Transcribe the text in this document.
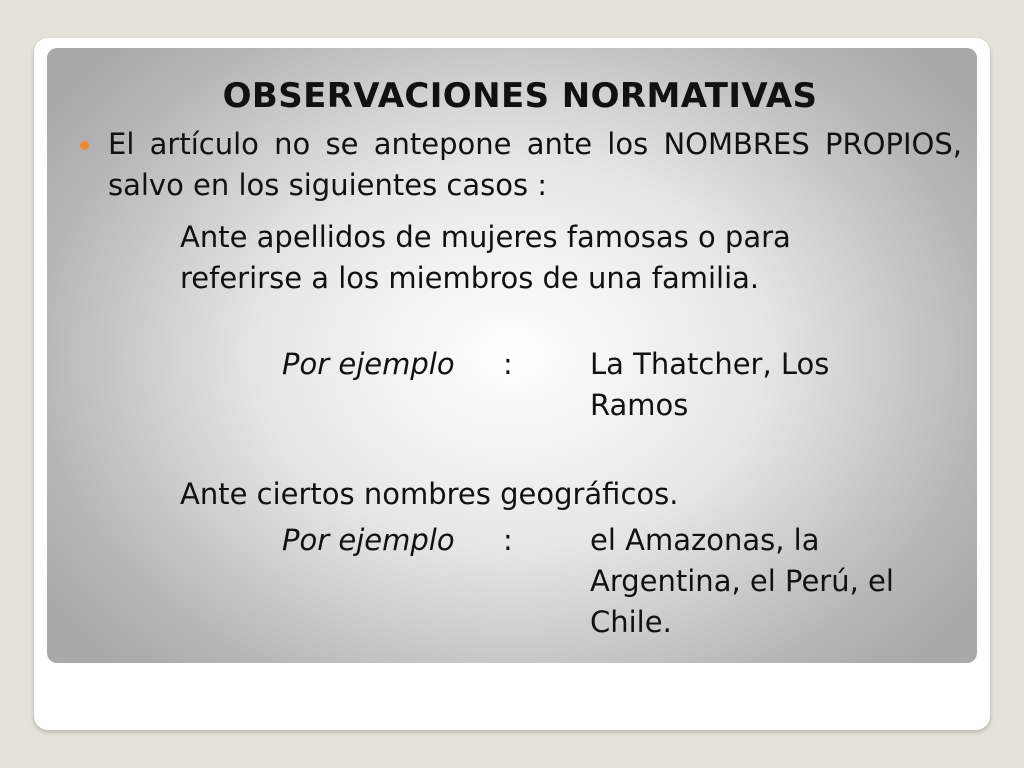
OBSERVACIONES NORMATIVAS

El artículo no se antepone ante los NOMBRES PROPIOS, salvo en los siguientes casos :

Ante apellidos de mujeres famosas o para referirse a los miembros de una familia.

Por ejemplo :	La Thatcher, Los Ramos

Ante ciertos nombres geográficos.

Por ejemplo :	el Amazonas, la Argentina, el Perú, el Chile.
